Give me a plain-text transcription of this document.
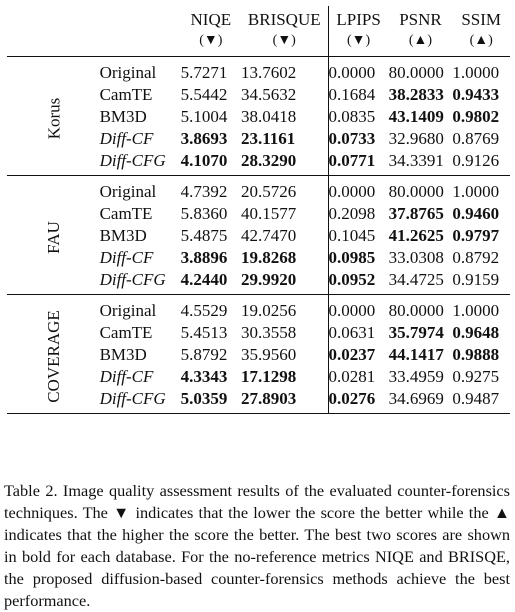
		NIQE	BRISQUE	LPIPS	PSNR	SSIM
		(▼)	(▼)	(▼)	(▲)	(▲)
Korus	Original	5.7271	13.7602	0.0000	80.0000	1.0000
	CamTE	5.5442	34.5632	0.1684	38.2833	0.9433
	BM3D	5.1004	38.0418	0.0835	43.1409	0.9802
	Diff-CF	3.8693	23.1161	0.0733	32.9680	0.8769
	Diff-CFG	4.1070	28.3290	0.0771	34.3391	0.9126
FAU	Original	4.7392	20.5726	0.0000	80.0000	1.0000
	CamTE	5.8360	40.1577	0.2098	37.8765	0.9460
	BM3D	5.4875	42.7470	0.1045	41.2625	0.9797
	Diff-CF	3.8896	19.8268	0.0985	33.0308	0.8792
	Diff-CFG	4.2440	29.9920	0.0952	34.4725	0.9159
COVERAGE	Original	4.5529	19.0256	0.0000	80.0000	1.0000
	CamTE	5.4513	30.3558	0.0631	35.7974	0.9648
	BM3D	5.8792	35.9560	0.0237	44.1417	0.9888
	Diff-CF	4.3343	17.1298	0.0281	33.4959	0.9275
	Diff-CFG	5.0359	27.8903	0.0276	34.6969	0.9487

Table 2. Image quality assessment results of the evaluated counter-forensics techniques. The ▼ indicates that the lower the score the better while the ▲ indicates that the higher the score the better. The best two scores are shown in bold for each database. For the no-reference metrics NIQE and BRISQE, the proposed diffusion-based counter-forensics methods achieve the best performance.
